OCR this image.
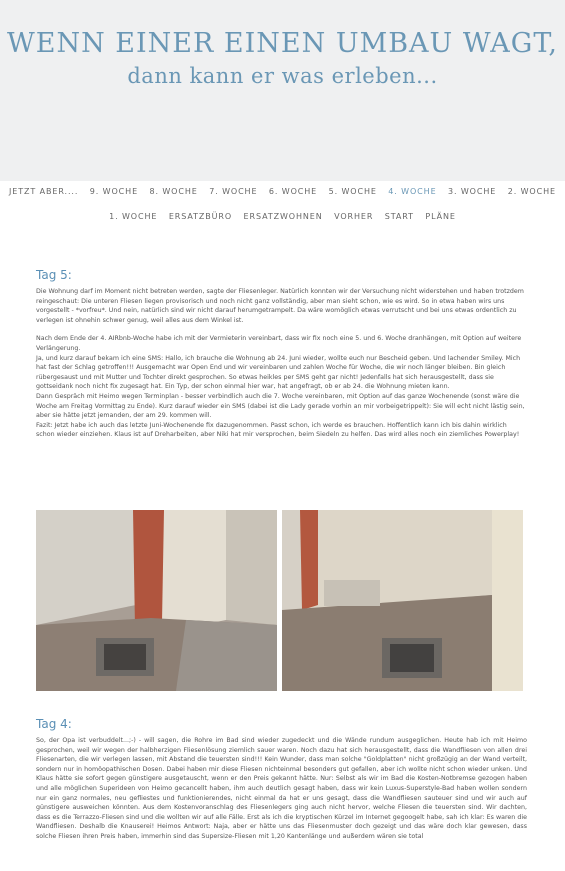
WENN EINER EINEN UMBAU WAGT,
dann kann er was erleben...
JETZT ABER.... 9. WOCHE 8. WOCHE 7. WOCHE 6. WOCHE 5. WOCHE 4. WOCHE 3. WOCHE 2. WOCHE
1. WOCHE ERSATZBÜRO ERSATZWOHNEN VORHER START PLÄNE
Tag 5:

Die Wohnung darf im Moment nicht betreten werden, sagte der Fliesenleger. Natürlich konnten wir der Versuchung nicht widerstehen und haben trotzdem reingeschaut: Die unteren Fliesen liegen provisorisch und noch nicht ganz vollständig, aber man sieht schon, wie es wird. So in etwa haben wirs uns vorgestellt - *vorfreu*. Und nein, natürlich sind wir nicht darauf herumgetrampelt. Da wäre womöglich etwas verrutscht und bei uns etwas ordentlich zu verlegen ist ohnehin schwer genug, weil alles aus dem Winkel ist.

Nach dem Ende der 4. AIRbnb-Woche habe ich mit der Vermieterin vereinbart, dass wir fix noch eine 5. und 6. Woche dranhängen, mit Option auf weitere Verlängerung.
Ja, und kurz darauf bekam ich eine SMS: Hallo, ich brauche die Wohnung ab 24. Juni wieder, wollte euch nur Bescheid geben. Und lachender Smiley. Mich hat fast der Schlag getroffen!!! Ausgemacht war Open End und wir vereinbaren und zahlen Woche für Woche, die wir noch länger bleiben. Bin gleich rübergesaust und mit Mutter und Tochter direkt gesprochen. So etwas heikles per SMS geht gar nicht! Jedenfalls hat sich herausgestellt, dass sie gottseidank noch nicht fix zugesagt hat. Ein Typ, der schon einmal hier war, hat angefragt, ob er ab 24. die Wohnung mieten kann.
Dann Gespräch mit Heimo wegen Terminplan - besser verbindlich auch die 7. Woche vereinbaren, mit Option auf das ganze Wochenende (sonst wäre die Woche am Freitag Vormittag zu Ende). Kurz darauf wieder ein SMS (dabei ist die Lady gerade vorhin an mir vorbeigetrippelt): Sie will echt nicht lästig sein, aber sie hätte jetzt jemanden, der am 29. kommen will.
Fazit: Jetzt habe ich auch das letzte Juni-Wochenende fix dazugenommen. Passt schon, ich werde es brauchen. Hoffentlich kann ich bis dahin wirklich schon wieder einziehen. Klaus ist auf Dreharbeiten, aber Niki hat mir versprochen, beim Siedeln zu helfen. Das wird alles noch ein ziemliches Powerplay!

Tag 4:

So, der Opa ist verbuddelt...;-) - will sagen, die Rohre im Bad sind wieder zugedeckt und die Wände rundum ausgeglichen. Heute hab ich mit Heimo gesprochen, weil wir wegen der halbherzigen Fliesenlösung ziemlich sauer waren. Noch dazu hat sich herausgestellt, dass die Wandfliesen von allen drei Fliesenarten, die wir verlegen lassen, mit Abstand die teuersten sind!!! Kein Wunder, dass man solche "Goldplatten" nicht großzügig an der Wand verteilt, sondern nur in homöopathischen Dosen. Dabei haben mir diese Fliesen nichteinmal besonders gut gefallen, aber ich wollte nicht schon wieder unken. Und Klaus hätte sie sofort gegen günstigere ausgetauscht, wenn er den Preis gekannt hätte. Nur: Selbst als wir im Bad die Kosten-Notbremse gezogen haben und alle möglichen Superideen von Heimo gecancellt haben, ihm auch deutlich gesagt haben, dass wir kein Luxus-Superstyle-Bad haben wollen sondern nur ein ganz normales, neu gefliestes und funktionierendes, nicht einmal da hat er uns gesagt, dass die Wandfliesen sauteuer sind und wir auch auf günstigere ausweichen könnten. Aus dem Kostenvoranschlag des Fliesenlegers ging auch nicht hervor, welche Fliesen die teuersten sind. Wir dachten, dass es die Terrazzo-Fliesen sind und die wollten wir auf alle Fälle. Erst als ich die kryptischen Kürzel im Internet gegoogelt habe, sah ich klar: Es waren die Wandfliesen. Deshalb die Knauserei! Heimos Antwort: Naja, aber er hätte uns das Fliesenmuster doch gezeigt und das wäre doch klar gewesen, dass solche Fliesen ihren Preis haben, immerhin sind das Supersize-Fliesen mit 1,20 Kantenlänge und außerdem wären sie total
